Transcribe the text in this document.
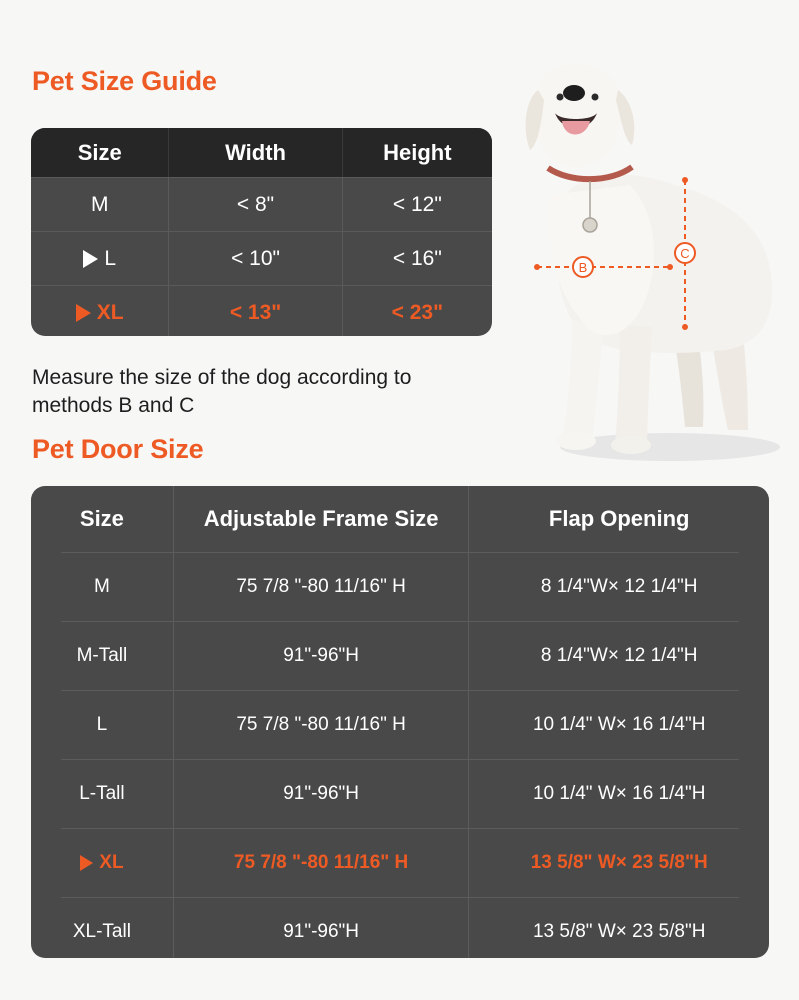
Pet Size Guide
Size	Width	Height
M	< 8"	< 12"
L	< 10"	< 16"
XL	< 13"	< 23"
Measure the size of the dog according to methods B and C
B
C
Pet Door Size
Size	Adjustable Frame Size	Flap Opening
M	75 7/8 "-80 11/16" H	8 1/4"W× 12 1/4"H
M-Tall	91"-96"H	8 1/4"W× 12 1/4"H
L	75 7/8 "-80 11/16" H	10 1/4" W× 16 1/4"H
L-Tall	91"-96"H	10 1/4" W× 16 1/4"H
XL	75 7/8 "-80 11/16" H	13 5/8" W× 23 5/8"H
XL-Tall	91"-96"H	13 5/8" W× 23 5/8"H
